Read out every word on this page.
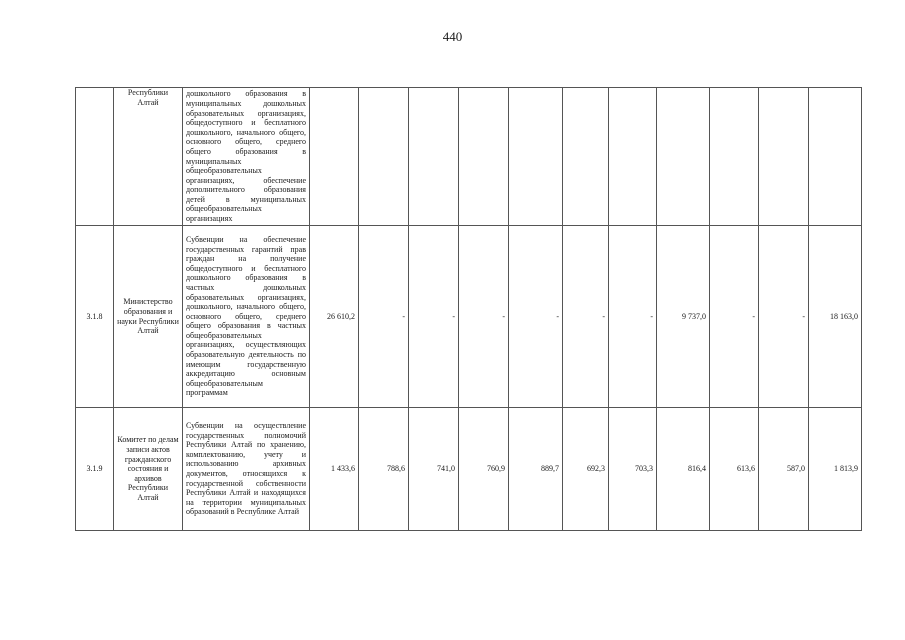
440
	Республики Алтай	дошкольного образования в муниципальных дошкольных образовательных организациях, общедоступного и бесплатного дошкольного, начального общего, основного общего, среднего общего образования в муниципальных общеобразовательных организациях, обеспечение дополнительного образования детей в муниципальных общеобразовательных организациях											
3.1.8	Министерство образования и науки Республики Алтай	Субвенции на обеспечение государственных гарантий прав граждан на получение общедоступного и бесплатного дошкольного образования в частных дошкольных образовательных организациях, дошкольного, начального общего, основного общего, среднего общего образования в частных общеобразовательных организациях, осуществляющих образовательную деятельность по имеющим государственную аккредитацию основным общеобразовательным программам	26 610,2	-	-	-	-	-	-	9 737,0	-	-	18 163,0
3.1.9	Комитет по делам записи актов гражданского состояния и архивов Республики Алтай	Субвенции на осуществление государственных полномочий Республики Алтай по хранению, комплектованию, учету и использованию архивных документов, относящихся к государственной собственности Республики Алтай и находящихся на территории муниципальных образований в Республике Алтай	1 433,6	788,6	741,0	760,9	889,7	692,3	703,3	816,4	613,6	587,0	1 813,9
